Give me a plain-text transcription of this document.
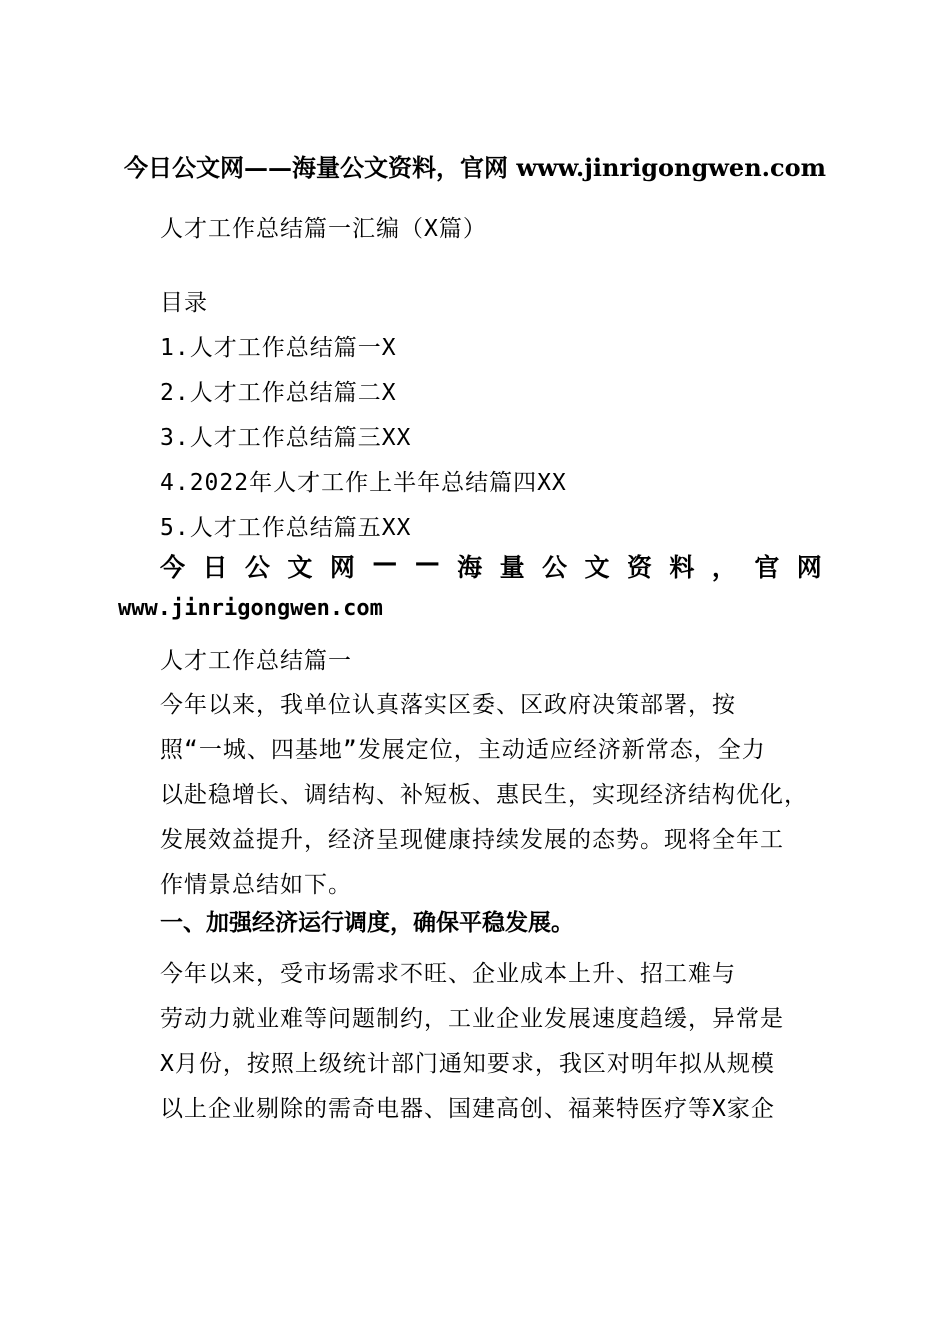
今日公文网——海量公文资料，官网 www.jinrigongwen.com
人才工作总结篇一汇编（X篇）
目录
1.人才工作总结篇一X
2.人才工作总结篇二X
3.人才工作总结篇三XX
4.2022年人才工作上半年总结篇四XX
5.人才工作总结篇五XX
今 日 公 文 网 — — 海 量 公 文 资 料 ， 官 网
www.jinrigongwen.com
人才工作总结篇一
今年以来，我单位认真落实区委、区政府决策部署，按
照“一城、四基地”发展定位，主动适应经济新常态，全力
以赴稳增长、调结构、补短板、惠民生，实现经济结构优化，
发展效益提升，经济呈现健康持续发展的态势。现将全年工
作情景总结如下。
一、加强经济运行调度，确保平稳发展。
今年以来，受市场需求不旺、企业成本上升、招工难与
劳动力就业难等问题制约，工业企业发展速度趋缓，异常是
X月份，按照上级统计部门通知要求，我区对明年拟从规模
以上企业剔除的需奇电器、国建高创、福莱特医疗等X家企
